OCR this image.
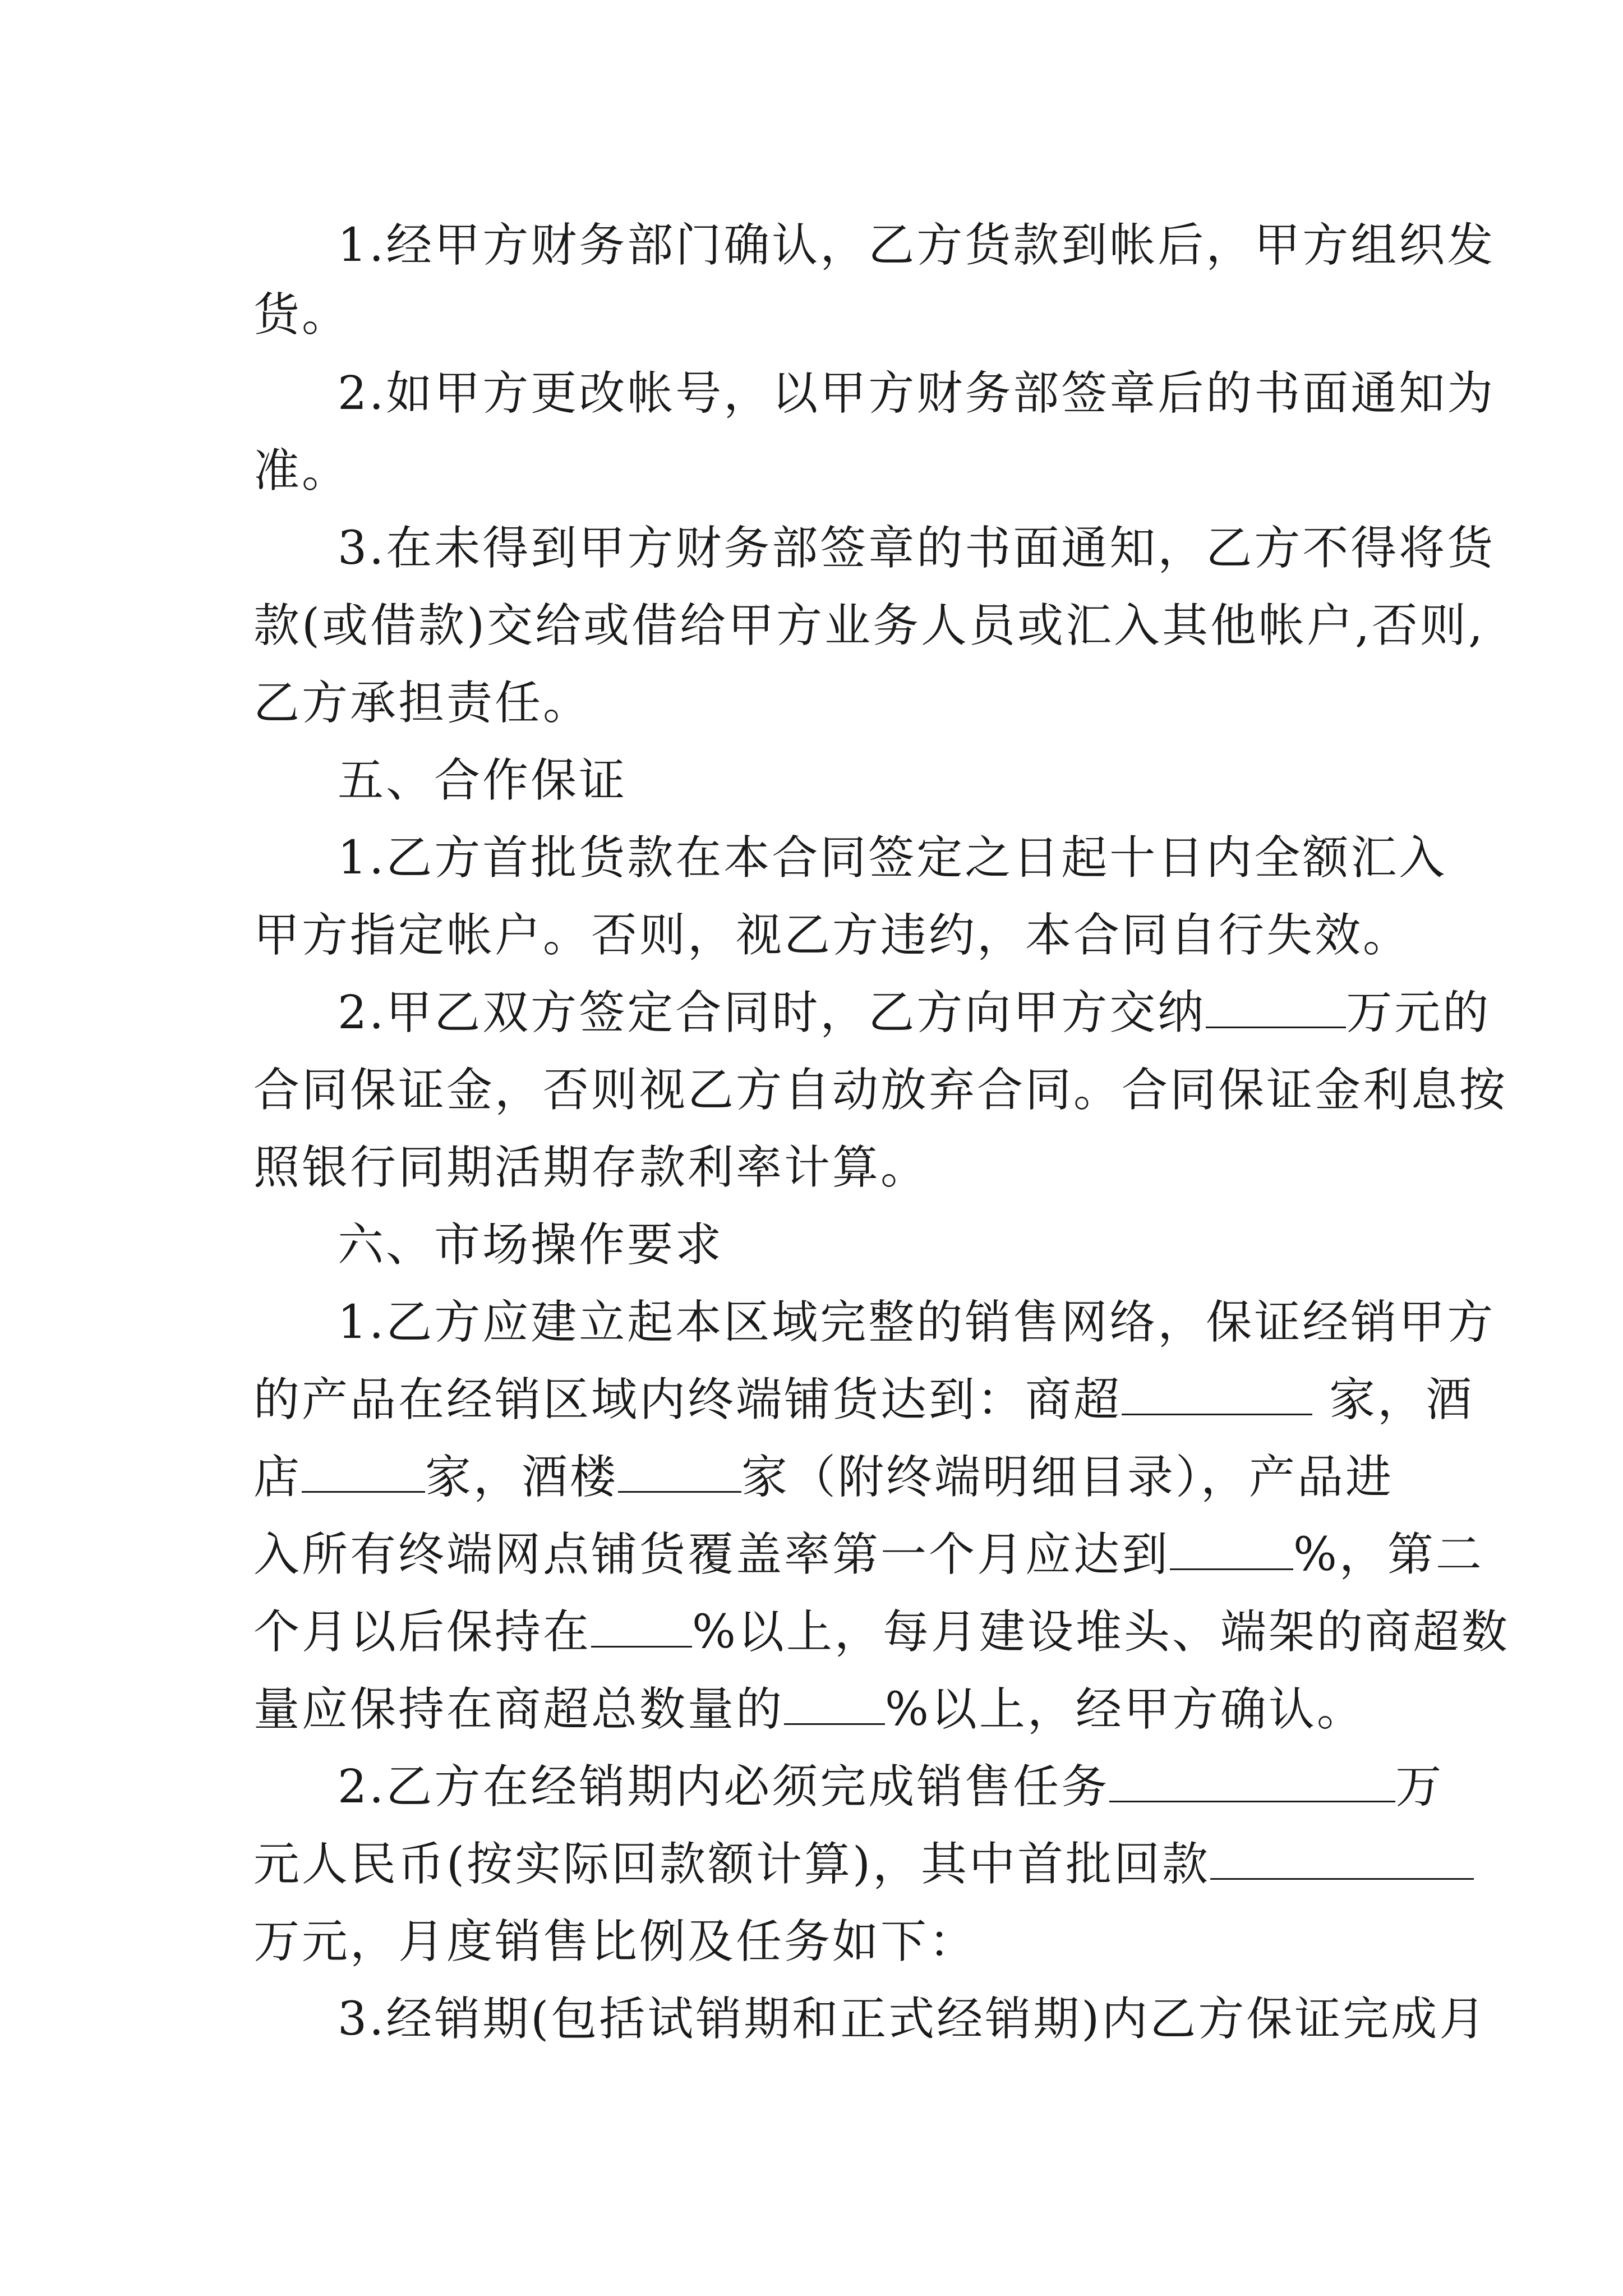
1.经甲方财务部门确认，乙方货款到帐后，甲方组织发
货。
2.如甲方更改帐号，以甲方财务部签章后的书面通知为
准。
3.在未得到甲方财务部签章的书面通知，乙方不得将货
款(或借款)交给或借给甲方业务人员或汇入其他帐户,否则,
乙方承担责任。
五、合作保证
1.乙方首批货款在本合同签定之日起十日内全额汇入
甲方指定帐户。否则，视乙方违约，本合同自行失效。
2.甲乙双方签定合同时，乙方向甲方交纳	万元的
合同保证金，否则视乙方自动放弃合同。合同保证金利息按
照银行同期活期存款利率计算。
六、市场操作要求
1.乙方应建立起本区域完整的销售网络，保证经销甲方
的产品在经销区域内终端铺货达到：商超	家，酒
店	家，酒楼	家（附终端明细目录），产品进
入所有终端网点铺货覆盖率第一个月应达到	%，第二
个月以后保持在 %以上，每月建设堆头、端架的商超数
量应保持在商超总数量的 %以上，经甲方确认。
2.乙方在经销期内必须完成销售任务	万
元人民币(按实际回款额计算)，其中首批回款
万元，月度销售比例及任务如下：
3.经销期(包括试销期和正式经销期)内乙方保证完成月
